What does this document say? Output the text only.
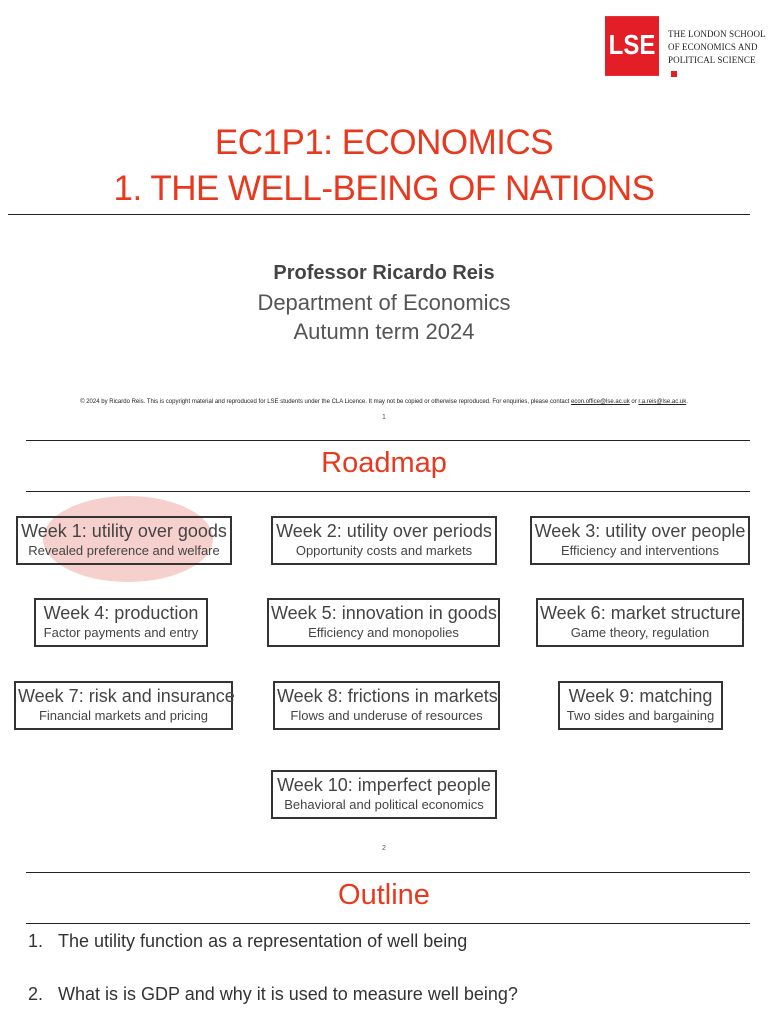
LSE THE LONDON SCHOOL
OF ECONOMICS AND
POLITICAL SCIENCE
EC1P1: ECONOMICS
1. THE WELL-BEING OF NATIONS
Professor Ricardo Reis
Department of Economics
Autumn term 2024
© 2024 by Ricardo Reis. This is copyright material and reproduced for LSE students under the CLA Licence. It may not be copied or otherwise reproduced. For enquiries, please contact econ.office@lse.ac.uk or r.a.reis@lse.ac.uk.
1
Roadmap
Week 1: utility over goods
Revealed preference and welfare
Week 2: utility over periods
Opportunity costs and markets
Week 3: utility over people
Efficiency and interventions
Week 4: production
Factor payments and entry
Week 5: innovation in goods
Efficiency and monopolies
Week 6: market structure
Game theory, regulation
Week 7: risk and insurance
Financial markets and pricing
Week 8: frictions in markets
Flows and underuse of resources
Week 9: matching
Two sides and bargaining
Week 10: imperfect people
Behavioral and political economics
2
Outline
1. The utility function as a representation of well being
2. What is is GDP and why it is used to measure well being?
